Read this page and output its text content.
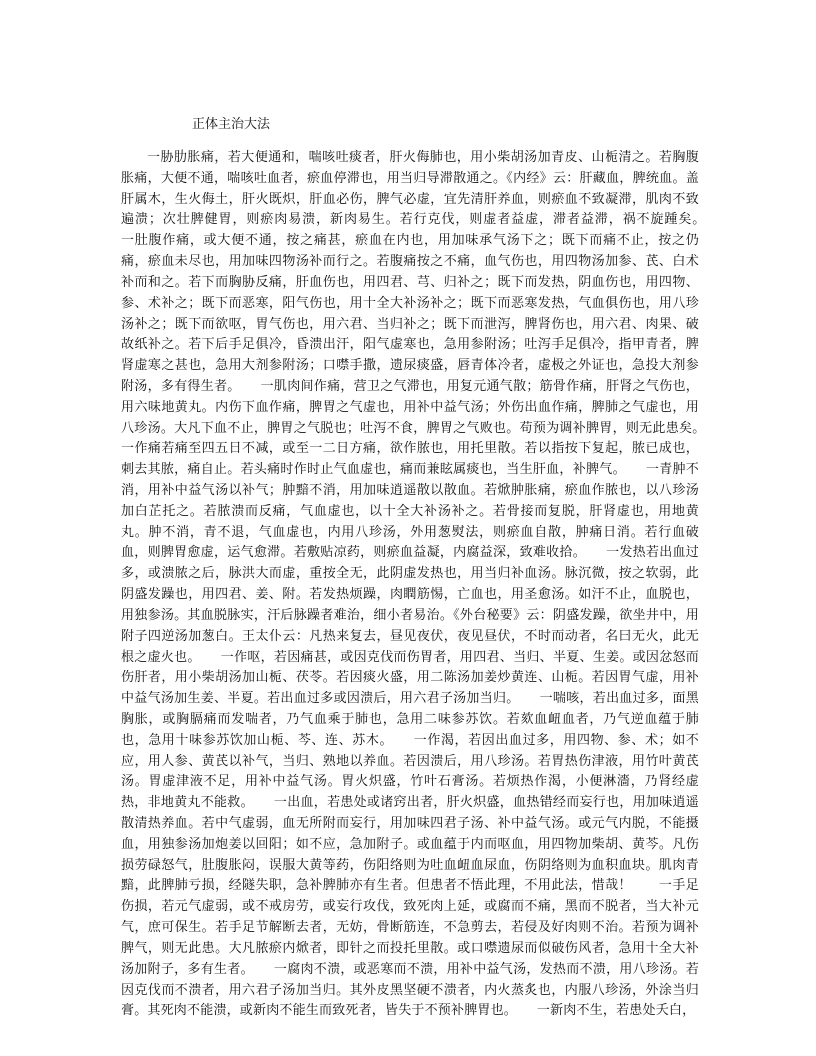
正体主治大法

一胁肋胀痛，若大便通和，喘咳吐痰者，肝火侮肺也，用小柴胡汤加青皮、山栀清之。若胸腹胀痛，大便不通，喘咳吐血者，瘀血停滞也，用当归导滞散通之。《内经》云：肝藏血，脾统血。盖肝属木，生火侮土，肝火既炽，肝血必伤，脾气必虚，宜先清肝养血，则瘀血不致凝滞，肌肉不致遍溃；次壮脾健胃，则瘀肉易溃，新肉易生。若行克伐，则虚者益虚，滞者益滞，祸不旋踵矣。　　一肚腹作痛，或大便不通，按之痛甚，瘀血在内也，用加味承气汤下之；既下而痛不止，按之仍痛，瘀血未尽也，用加味四物汤补而行之。若腹痛按之不痛，血气伤也，用四物汤加参、芪、白术补而和之。若下而胸胁反痛，肝血伤也，用四君、芎、归补之；既下而发热，阴血伤也，用四物、参、术补之；既下而恶寒，阳气伤也，用十全大补汤补之；既下而恶寒发热，气血俱伤也，用八珍汤补之；既下而欲呕，胃气伤也，用六君、当归补之；既下而泄泻，脾肾伤也，用六君、肉果、破故纸补之。若下后手足俱冷，昏溃出汗，阳气虚寒也，急用参附汤；吐泻手足俱冷，指甲青者，脾肾虚寒之甚也，急用大剂参附汤；口噤手撒，遗尿痰盛，唇青体冷者，虚极之外证也，急投大剂参附汤，多有得生者。　　一肌肉间作痛，营卫之气滞也，用复元通气散；筋骨作痛，肝肾之气伤也，用六味地黄丸。内伤下血作痛，脾胃之气虚也，用补中益气汤；外伤出血作痛，脾肺之气虚也，用八珍汤。大凡下血不止，脾胃之气脱也；吐泻不食，脾胃之气败也。苟预为调补脾胃，则无此患矣。　　一作痛若痛至四五日不减，或至一二日方痛，欲作脓也，用托里散。若以指按下复起，脓已成也，刺去其脓，痛自止。若头痛时作时止气血虚也，痛而兼眩属痰也，当生肝血，补脾气。　　一青肿不消，用补中益气汤以补气；肿黯不消，用加味逍遥散以散血。若焮肿胀痛，瘀血作脓也，以八珍汤加白芷托之。若脓溃而反痛，气血虚也，以十全大补汤补之。若骨接而复脱，肝肾虚也，用地黄丸。肿不消，青不退，气血虚也，内用八珍汤，外用葱熨法，则瘀血自散，肿痛日消。若行血破血，则脾胃愈虚，运气愈滞。若敷贴凉药，则瘀血益凝，内腐益深，致难收拾。　　一发热若出血过多，或溃脓之后，脉洪大而虚，重按全无，此阴虚发热也，用当归补血汤。脉沉微，按之软弱，此阴盛发躁也，用四君、姜、附。若发热烦躁，肉瞤筋惕，亡血也，用圣愈汤。如汗不止，血脱也，用独参汤。其血脱脉实，汗后脉躁者难治，细小者易治。《外台秘要》云：阴盛发躁，欲坐井中，用附子四逆汤加葱白。王太仆云：凡热来复去，昼见夜伏，夜见昼伏，不时而动者，名曰无火，此无根之虚火也。　　一作呕，若因痛甚，或因克伐而伤胃者，用四君、当归、半夏、生姜。或因忿怒而伤肝者，用小柴胡汤加山栀、茯苓。若因痰火盛，用二陈汤加姜炒黄连、山栀。若因胃气虚，用补中益气汤加生姜、半夏。若出血过多或因溃后，用六君子汤加当归。　　一喘咳，若出血过多，面黑胸胀，或胸膈痛而发喘者，乃气血乘于肺也，急用二味参苏饮。若欬血衄血者，乃气逆血蕴于肺也，急用十味参苏饮加山栀、芩、连、苏木。　　一作渴，若因出血过多，用四物、参、术；如不应，用人参、黄芪以补气，当归、熟地以养血。若因溃后，用八珍汤。若胃热伤津液，用竹叶黄芪汤。胃虚津液不足，用补中益气汤。胃火炽盛，竹叶石膏汤。若烦热作渴，小便淋濇，乃肾经虚热，非地黄丸不能救。　　一出血，若患处或诸窍出者，肝火炽盛，血热错经而妄行也，用加味逍遥散清热养血。若中气虚弱，血无所附而妄行，用加味四君子汤、补中益气汤。或元气内脱，不能摄血，用独参汤加炮姜以回阳；如不应，急加附子。或血蕴于内而呕血，用四物加柴胡、黄芩。凡伤损劳碌怒气，肚腹胀闷，误服大黄等药，伤阳络则为吐血衄血尿血，伤阴络则为血积血块。肌肉青黯，此脾肺亏损，经隧失职，急补脾肺亦有生者。但患者不悟此理，不用此法，惜哉！　　一手足伤损，若元气虚弱，或不戒房劳，或妄行攻伐，致死肉上延，或腐而不痛，黑而不脱者，当大补元气，庶可保生。若手足节解断去者，无妨，骨断筋连，不急剪去，若侵及好肉则不治。若预为调补脾气，则无此患。大凡脓瘀内焮者，即针之而投托里散。或口噤遗尿而似破伤风者，急用十全大补汤加附子，多有生者。　　一腐肉不溃，或恶寒而不溃，用补中益气汤，发热而不溃，用八珍汤。若因克伐而不溃者，用六君子汤加当归。其外皮黑坚硬不溃者，内火蒸炙也，内服八珍汤，外涂当归膏。其死肉不能溃，或新肉不能生而致死者，皆失于不预补脾胃也。　　一新肉不生，若患处夭白，
